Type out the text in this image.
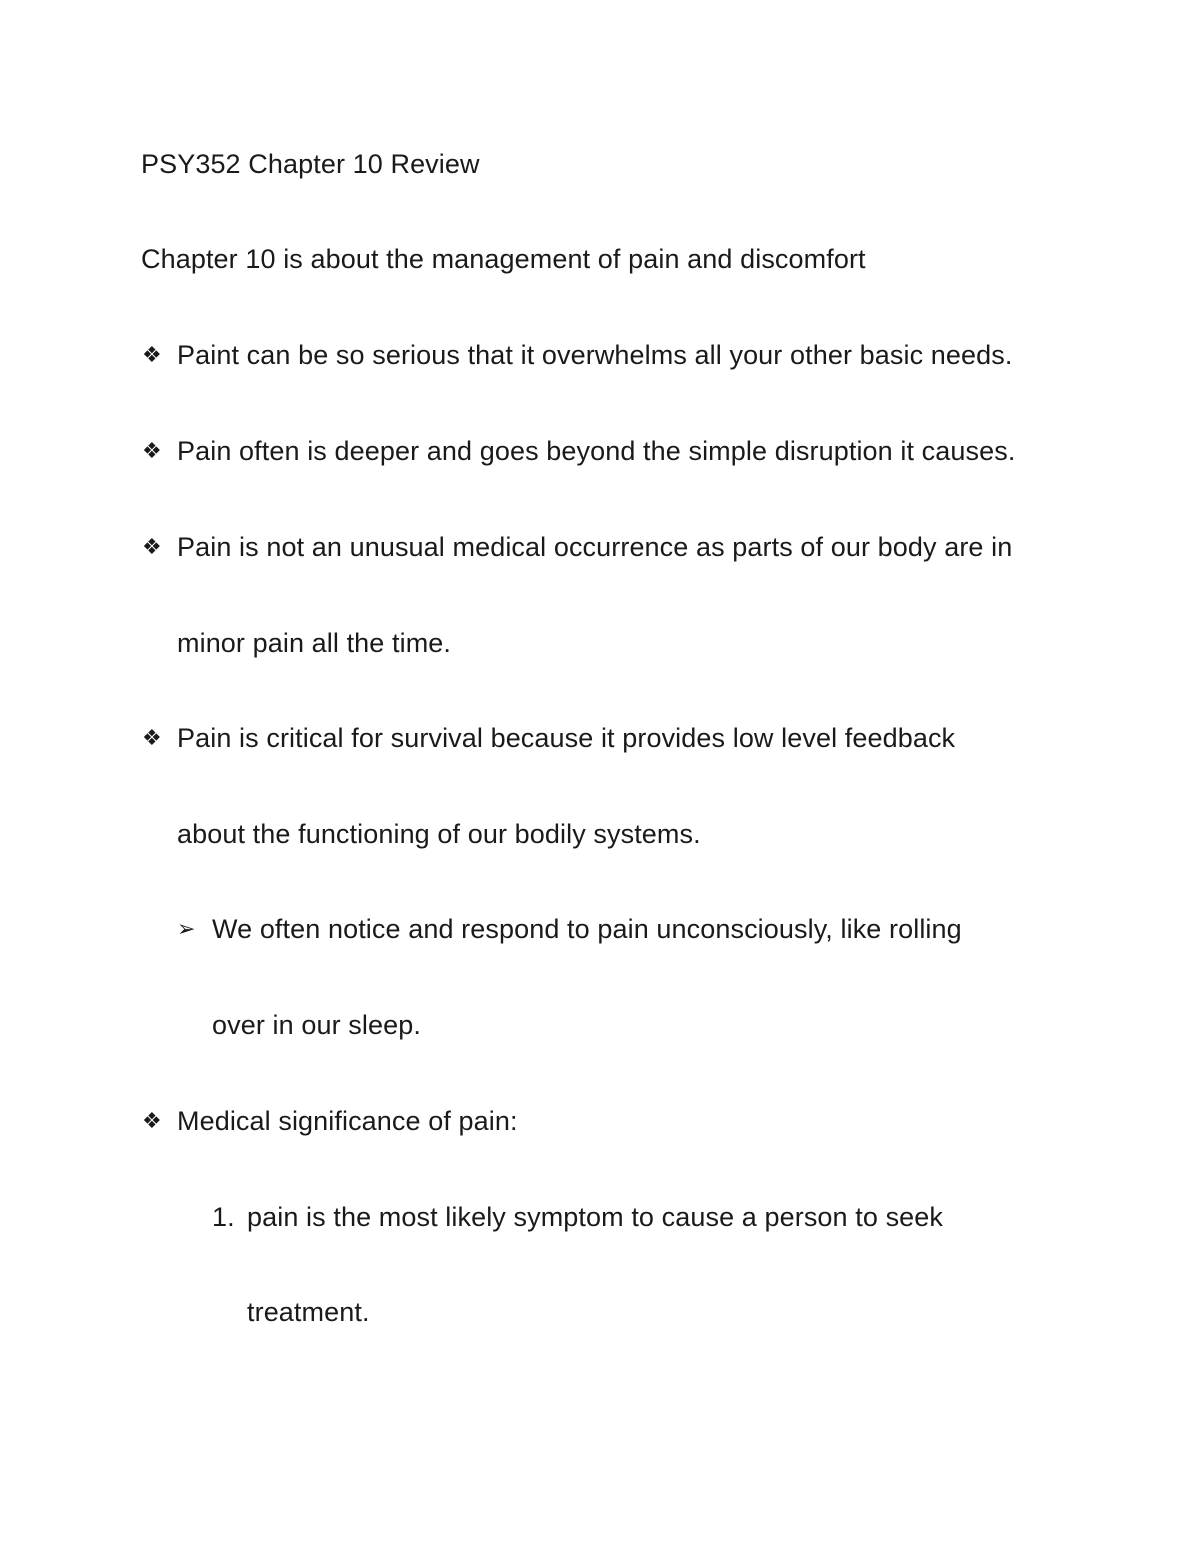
PSY352 Chapter 10 Review
Chapter 10 is about the management of pain and discomfort
❖ Paint can be so serious that it overwhelms all your other basic needs.
❖ Pain often is deeper and goes beyond the simple disruption it causes.
❖ Pain is not an unusual medical occurrence as parts of our body are in
minor pain all the time.
❖ Pain is critical for survival because it provides low level feedback
about the functioning of our bodily systems.
➢ We often notice and respond to pain unconsciously, like rolling
over in our sleep.
❖ Medical significance of pain:
1. pain is the most likely symptom to cause a person to seek
treatment.
